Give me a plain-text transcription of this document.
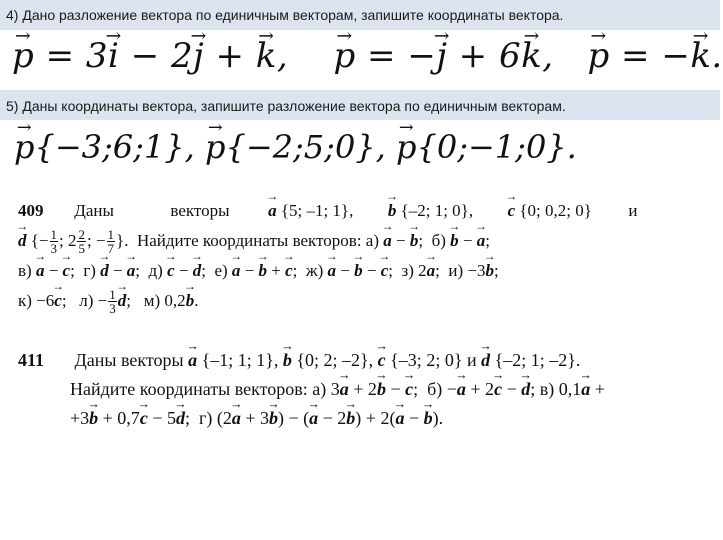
4) Дано разложение вектора по единичным векторам, запишите координаты вектора.
→ p = 3→ i − 2→ j + → k,    → p = −→ j + 6→ k,   → p = −→ k.
5) Даны координаты вектора, запишите разложение вектора по единичным векторам.
→ p{−3;6;1}, → p{−2;5;0}, → p{0;−1;0}.
409 Даны	векторы  → a {5; –1; 1},  → b {–2; 1; 0},  → c {0; 0,2; 0} и
→ d {− $\frac{1}{3}$ ; $2 \frac{2}{5}$ ; − $\frac{1}{7}$ }.  Найдите координаты векторов: а) → a − → b;  б) → b − → a;
в) → a − → c;  г) → d − → a;  д) → c − → d;  е) → a − → b + → c;  ж) → a − → b − → c;  з) 2→ a;  и) −3→ b;
к) −6→ c;   $л) - \frac{1}{3}$
→ d;   м) 0,2→ b.
411 Даны векторы → a {–1; 1; 1}, → b {0; 2; –2}, → c {–3; 2; 0} и → d {–2; 1; –2}.
Найдите координаты векторов: а) 3→ a + 2→ b − → c;  б) −→ a + 2→ c − → d; в) 0,1→ a +
+3→ b + 0,7→ c − 5→ d;  г) (2→ a + 3→ b) − (→ a − 2→ b) + 2(→ a − → b).
